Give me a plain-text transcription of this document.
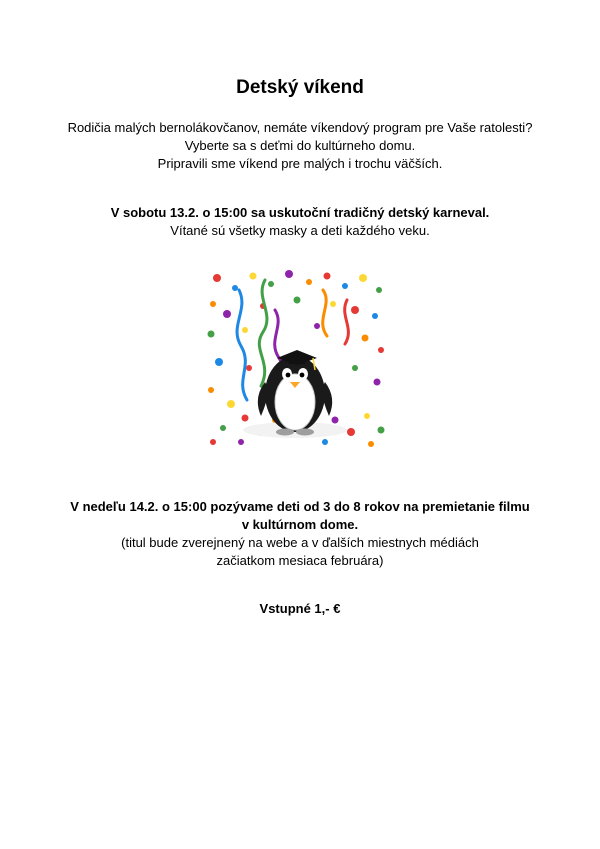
Detský víkend
Rodičia malých bernolákovčanov, nemáte víkendový program pre Vaše ratolesti?
Vyberte sa s deťmi do kultúrneho domu.
Pripravili sme víkend pre malých i trochu väčších.
V sobotu 13.2. o 15:00 sa uskutoční tradičný detský karneval.
Vítané sú všetky masky a deti každého veku.
V nedeľu 14.2. o 15:00 pozývame deti od 3 do 8 rokov na premietanie filmu
v kultúrnom dome.
(titul bude zverejnený na webe a v ďalších miestnych médiách
začiatkom mesiaca februára)
Vstupné 1,- €
